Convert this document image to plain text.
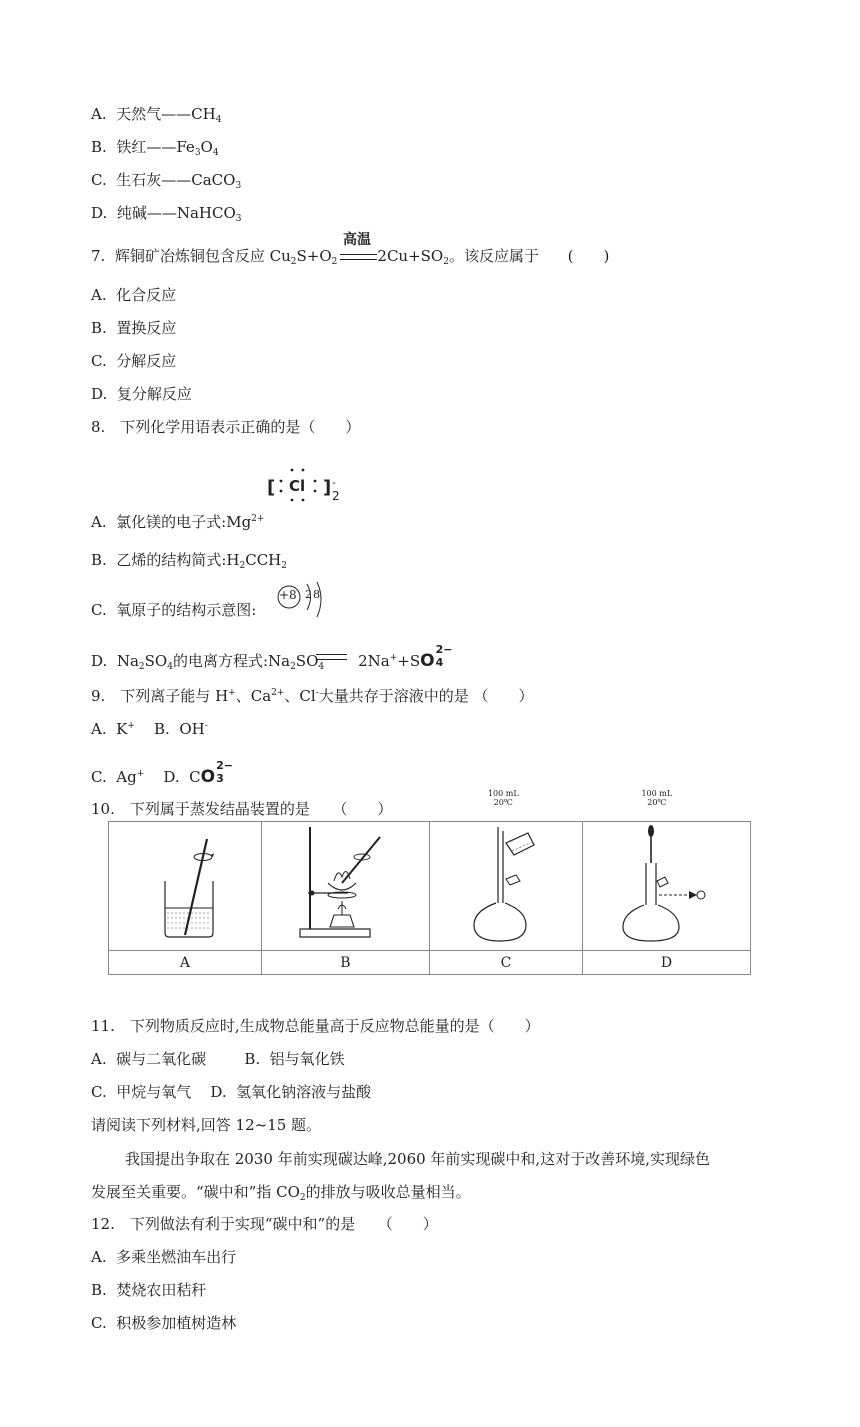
A. 天然气$——CH_4$
B. 铁红$——Fe_3O_4$
C. 生石灰——CaCO$_3$
D. 纯碱——NaHCO$_3$
7. 辉铜矿冶炼铜包含反应 $Cu_2S+O_2$	$2Cu+SO_2$。该反应属于 (　　)
高温
A. 化合反应
B. 置换反应
C. 分解反应
D. 复分解反应
8.　下列化学用语表示正确的是（　　）
[	]
Cl -
2
A. 氯化镁的电子式$:Mg^{2+}$
B. 乙烯的结构简式$:H_2CCH_2$
C. 氧原子的结构示意图:
+8 2 8
D. $Na_2SO_4$的电离方程式$:Na_2SO_4$ 2Na++SO
2−
4
9.　下列离子能与 H+、$Ca^{2+}$、Cl-大量共存于溶液中的是 （　　）
A. K+ B. OH-
C. Ag+ D. CO
2−
3
10.　下列属于蒸发结晶装置的是　　（　　）

100 mL
20℃	100 mL
20℃

A	B	C	D
11.　下列物质反应时,生成物总能量高于反应物总能量的是（　　）
A. 碳与二氧化碳	B. 铝与氧化铁
C. 甲烷与氧气 D. 氢氧化钠溶液与盐酸
请阅读下列材料,回答 12~15 题。
我国提出争取在 2030 年前实现碳达峰,2060 年前实现碳中和,这对于改善环境,实现绿色
发展至关重要。“碳中和”指 $CO_2$的排放与吸收总量相当。
12.　下列做法有利于实现“碳中和”的是　　（　　）
A. 多乘坐燃油车出行
B. 焚烧农田秸秆
C. 积极参加植树造林
